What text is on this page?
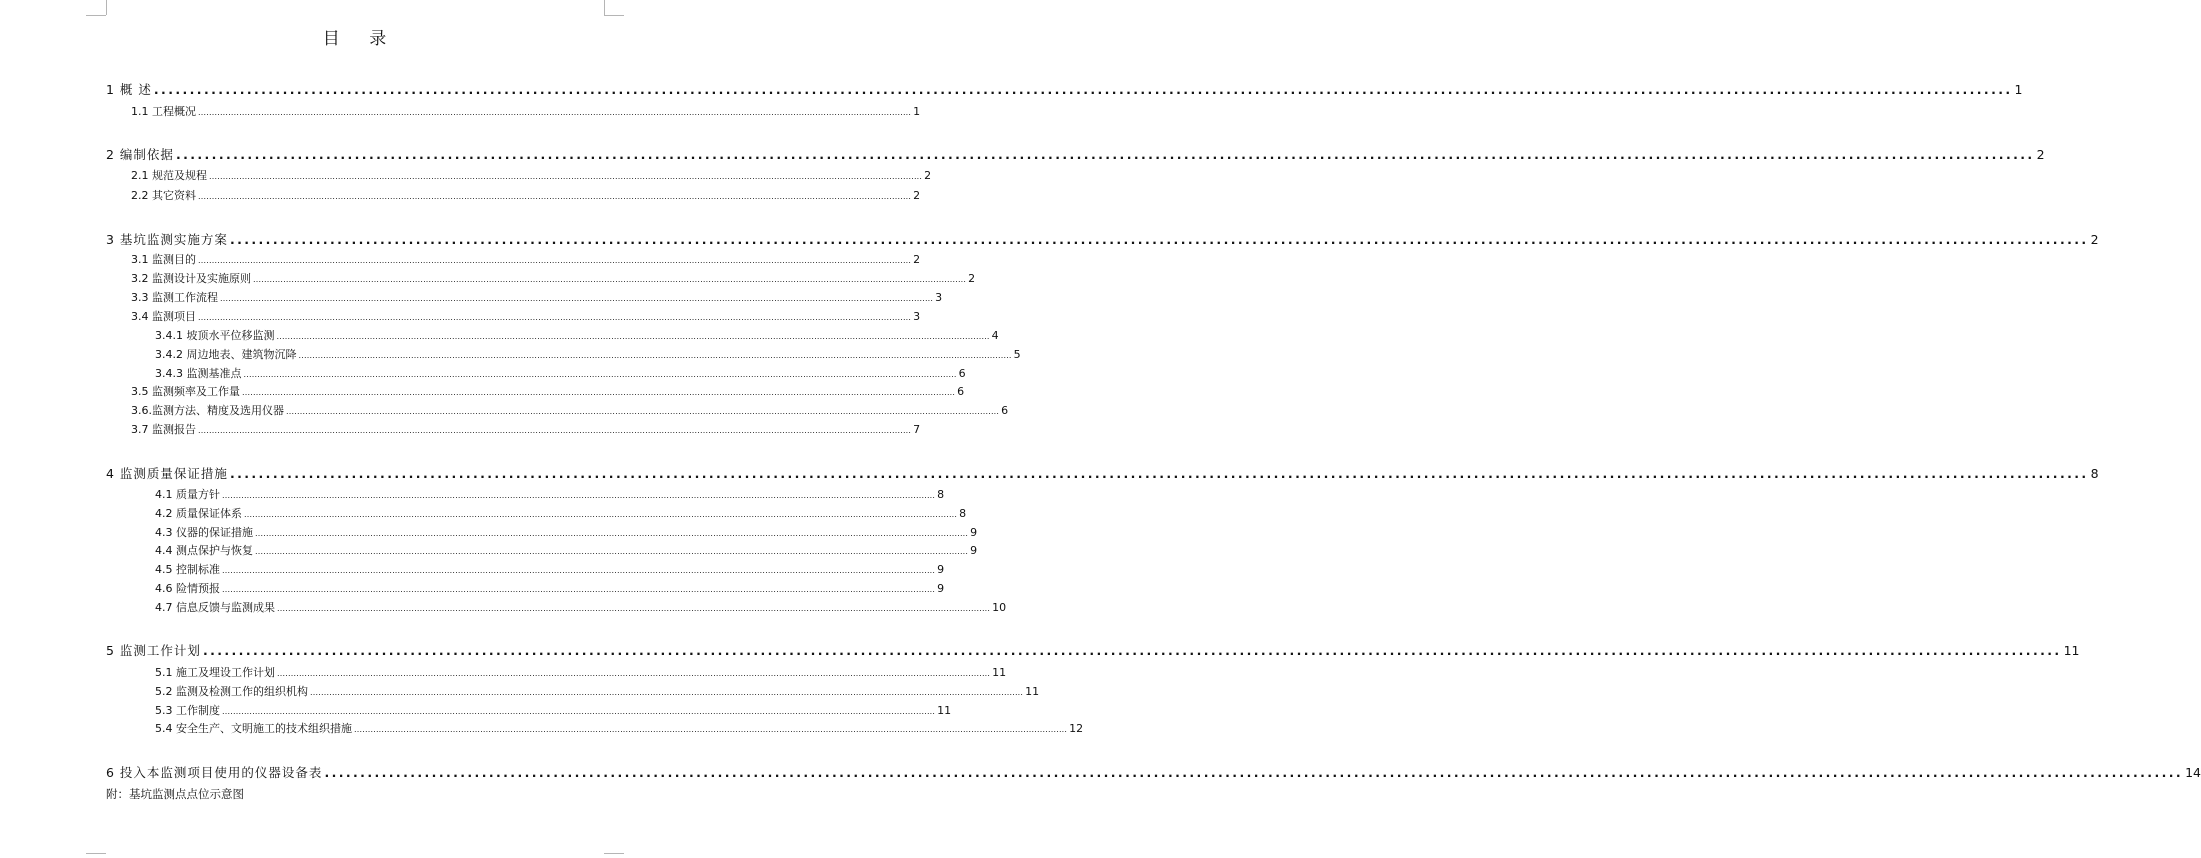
目 录
1 概 述 .................................................................................................................................................................................................................................................................... 1
1.1 工程概况 .................................................................................................................................................................................................................................................................... 1
2 编制依据 .................................................................................................................................................................................................................................................................... 2
2.1 规范及规程 .................................................................................................................................................................................................................................................................... 2
2.2 其它资料 .................................................................................................................................................................................................................................................................... 2
3 基坑监测实施方案 .................................................................................................................................................................................................................................................................... 2
3.1 监测目的 .................................................................................................................................................................................................................................................................... 2
3.2 监测设计及实施原则 .................................................................................................................................................................................................................................................................... 2
3.3 监测工作流程 .................................................................................................................................................................................................................................................................... 3
3.4 监测项目 .................................................................................................................................................................................................................................................................... 3
3.4.1 坡顶水平位移监测 .................................................................................................................................................................................................................................................................... 4
3.4.2 周边地表、建筑物沉降 .................................................................................................................................................................................................................................................................... 5
3.4.3 监测基准点 .................................................................................................................................................................................................................................................................... 6
3.5 监测频率及工作量 .................................................................................................................................................................................................................................................................... 6
3.6.监测方法、精度及选用仪器 .................................................................................................................................................................................................................................................................... 6
3.7 监测报告 .................................................................................................................................................................................................................................................................... 7
4 监测质量保证措施 .................................................................................................................................................................................................................................................................... 8
4.1 质量方针 .................................................................................................................................................................................................................................................................... 8
4.2 质量保证体系 .................................................................................................................................................................................................................................................................... 8
4.3 仪器的保证措施 .................................................................................................................................................................................................................................................................... 9
4.4 测点保护与恢复 .................................................................................................................................................................................................................................................................... 9
4.5 控制标准 .................................................................................................................................................................................................................................................................... 9
4.6 险情预报 .................................................................................................................................................................................................................................................................... 9
4.7 信息反馈与监测成果 .................................................................................................................................................................................................................................................................... 10
5 监测工作计划 .................................................................................................................................................................................................................................................................... 11
5.1 施工及埋设工作计划 .................................................................................................................................................................................................................................................................... 11
5.2 监测及检测工作的组织机构 .................................................................................................................................................................................................................................................................... 11
5.3 工作制度 .................................................................................................................................................................................................................................................................... 11
5.4 安全生产、文明施工的技术组织措施 .................................................................................................................................................................................................................................................................... 12
6 投入本监测项目使用的仪器设备表 .................................................................................................................................................................................................................................................................... 14
附：基坑监测点点位示意图
